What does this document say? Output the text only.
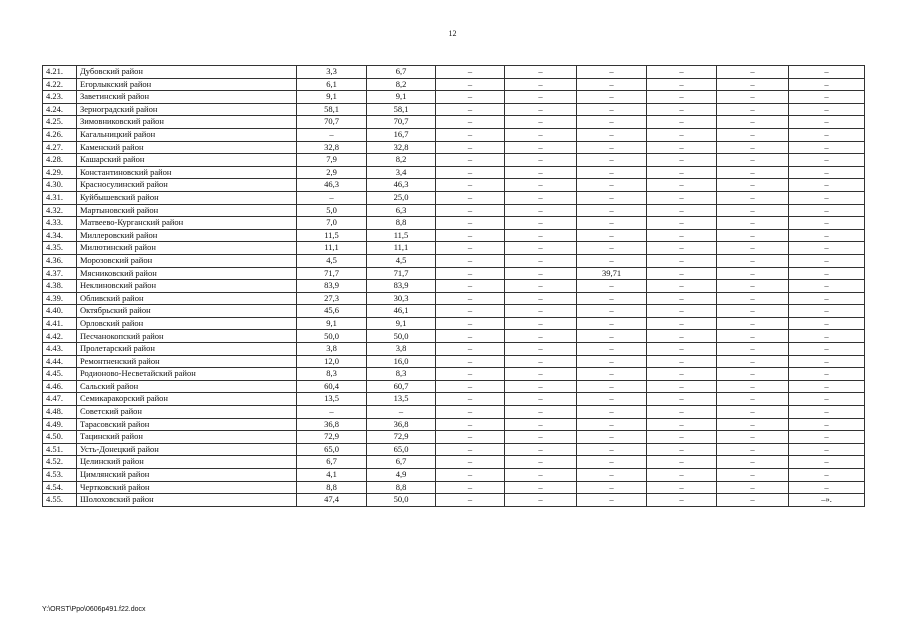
12
4.21.	Дубовский район	3,3	6,7	–	–	–	–	–	–
4.22.	Егорлыкский район	6,1	8,2	–	–	–	–	–	–
4.23.	Заветинский район	9,1	9,1	–	–	–	–	–	–
4.24.	Зерноградский район	58,1	58,1	–	–	–	–	–	–
4.25.	Зимовниковский район	70,7	70,7	–	–	–	–	–	–
4.26.	Кагальницкий район	–	16,7	–	–	–	–	–	–
4.27.	Каменский район	32,8	32,8	–	–	–	–	–	–
4.28.	Кашарский район	7,9	8,2	–	–	–	–	–	–
4.29.	Константиновский район	2,9	3,4	–	–	–	–	–	–
4.30.	Красносулинский район	46,3	46,3	–	–	–	–	–	–
4.31.	Куйбышевский район	–	25,0	–	–	–	–	–	–
4.32.	Мартыновский район	5,0	6,3	–	–	–	–	–	–
4.33.	Матвеево-Курганский район	7,0	8,8	–	–	–	–	–	–
4.34.	Миллеровский район	11,5	11,5	–	–	–	–	–	–
4.35.	Милютинский район	11,1	11,1	–	–	–	–	–	–
4.36.	Морозовский район	4,5	4,5	–	–	–	–	–	–
4.37.	Мясниковский район	71,7	71,7	–	–	39,71	–	–	–
4.38.	Неклиновский район	83,9	83,9	–	–	–	–	–	–
4.39.	Обливский район	27,3	30,3	–	–	–	–	–	–
4.40.	Октябрьский район	45,6	46,1	–	–	–	–	–	–
4.41.	Орловский район	9,1	9,1	–	–	–	–	–	–
4.42.	Песчанокопский район	50,0	50,0	–	–	–	–	–	–
4.43.	Пролетарский район	3,8	3,8	–	–	–	–	–	–
4.44.	Ремонтненский район	12,0	16,0	–	–	–	–	–	–
4.45.	Родионово-Несветайский район	8,3	8,3	–	–	–	–	–	–
4.46.	Сальский район	60,4	60,7	–	–	–	–	–	–
4.47.	Семикаракорский район	13,5	13,5	–	–	–	–	–	–
4.48.	Советский район	–	–	–	–	–	–	–	–
4.49.	Тарасовский район	36,8	36,8	–	–	–	–	–	–
4.50.	Тацинский район	72,9	72,9	–	–	–	–	–	–
4.51.	Усть-Донецкий район	65,0	65,0	–	–	–	–	–	–
4.52.	Целинский район	6,7	6,7	–	–	–	–	–	–
4.53.	Цимлянский район	4,1	4,9	–	–	–	–	–	–
4.54.	Чертковский район	8,8	8,8	–	–	–	–	–	–
4.55.	Шолоховский район	47,4	50,0	–	–	–	–	–	–».
Y:\ORST\Ppo\0606p491.f22.docx
